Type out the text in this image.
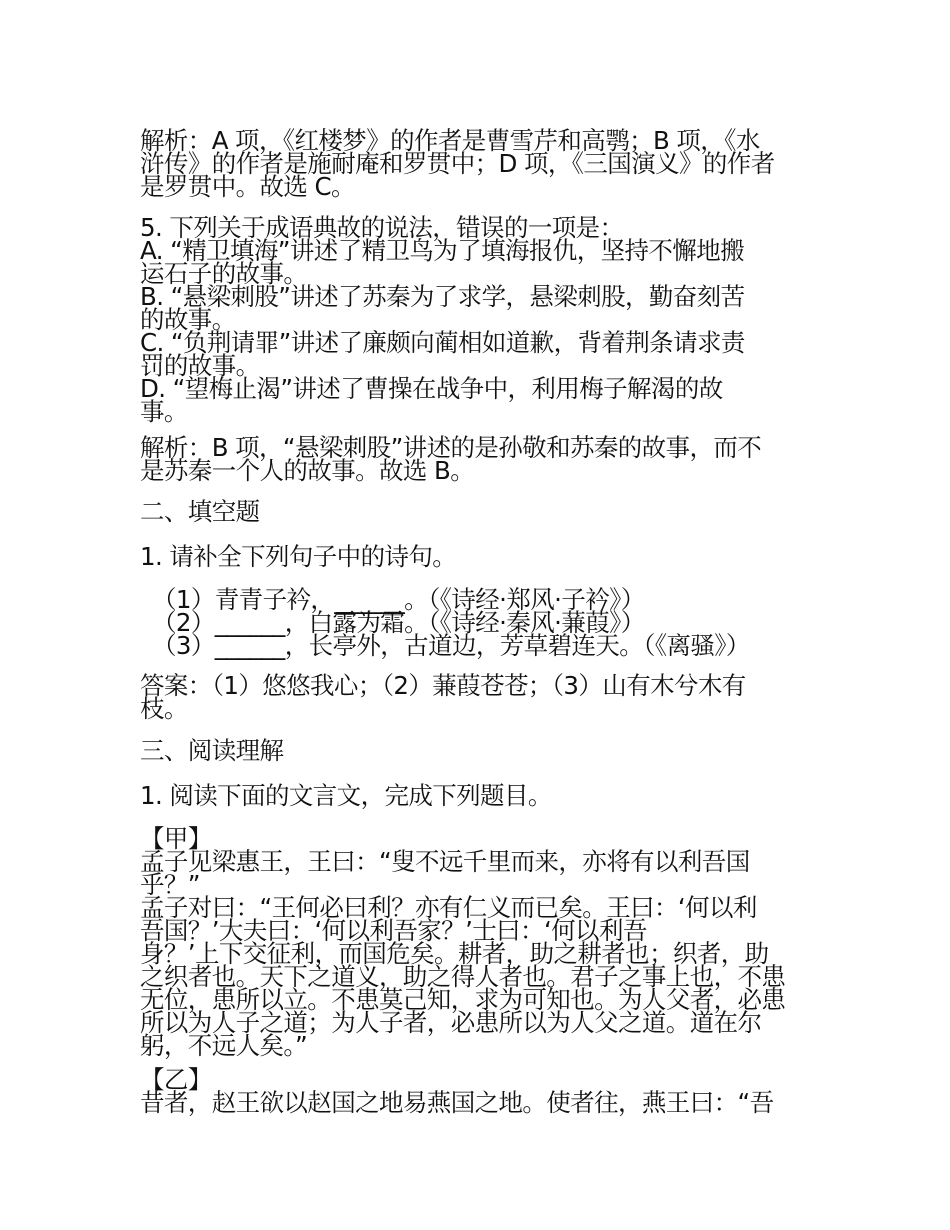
解析：A 项，《红楼梦》的作者是曹雪芹和高鹗；B 项，《水
浒传》的作者是施耐庵和罗贯中；D 项，《三国演义》的作者
是罗贯中。故选 C。
5. 下列关于成语典故的说法，错误的一项是：
A. “精卫填海”讲述了精卫鸟为了填海报仇，坚持不懈地搬
运石子的故事。
B. “悬梁刺股”讲述了苏秦为了求学，悬梁刺股，勤奋刻苦
的故事。
C. “负荆请罪”讲述了廉颇向蔺相如道歉，背着荆条请求责
罚的故事。
D. “望梅止渴”讲述了曹操在战争中，利用梅子解渴的故
事。
解析：B 项，“悬梁刺股”讲述的是孙敬和苏秦的故事，而不
是苏秦一个人的故事。故选 B。
二、填空题
1. 请补全下列句子中的诗句。
（1）青青子衿，______。（《诗经·郑风·子衿》）
（2）______，白露为霜。（《诗经·秦风·蒹葭》）
（3）______，长亭外，古道边，芳草碧连天。（《离骚》）
答案：（1）悠悠我心；（2）蒹葭苍苍；（3）山有木兮木有
枝。
三、阅读理解
1. 阅读下面的文言文，完成下列题目。
【甲】
孟子见梁惠王，王曰：“叟不远千里而来，亦将有以利吾国
乎？”
孟子对曰：“王何必曰利？亦有仁义而已矣。王曰：‘何以利
吾国？’大夫曰：‘何以利吾家？’士曰：‘何以利吾
身？’上下交征利，而国危矣。耕者，助之耕者也；织者，助
之织者也。天下之道义，助之得人者也。君子之事上也，不患
无位，患所以立。不患莫己知，求为可知也。为人父者，必患
所以为人子之道；为人子者，必患所以为人父之道。道在尔
躬，不远人矣。”
【乙】
昔者，赵王欲以赵国之地易燕国之地。使者往，燕王曰：“吾
